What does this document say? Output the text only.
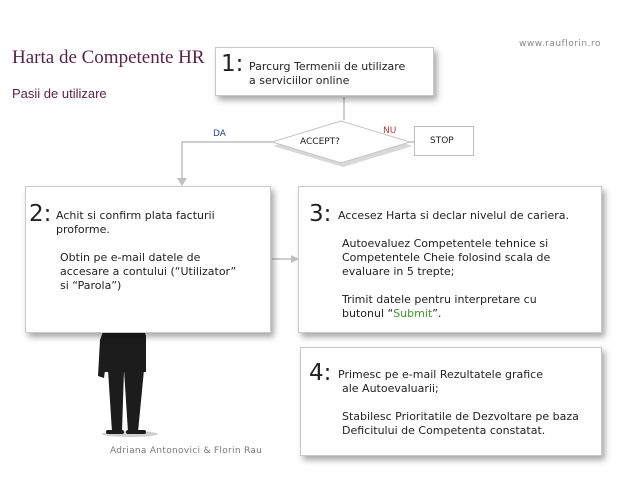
Harta de Competente HR
Pasii de utilizare
www.rauflorin.ro
1: Parcurg Termenii de utilizare
a serviciilor online
ACCEPT?
DA	NU
STOP
2: Achit si confirm plata facturii
proforme.
Obtin pe e-mail datele de
accesare a contului (“Utilizator”
si “Parola”)
3: Accesez Harta si declar nivelul de cariera.
Autoevaluez Competentele tehnice si
Competentele Cheie folosind scala de
evaluare in 5 trepte;
Trimit datele pentru interpretare cu
butonul “Submit”.
4: Primesc pe e-mail Rezultatele grafice
ale Autoevaluarii;
Stabilesc Prioritatile de Dezvoltare pe baza
Deficitului de Competenta constatat.
Adriana Antonovici & Florin Rau
